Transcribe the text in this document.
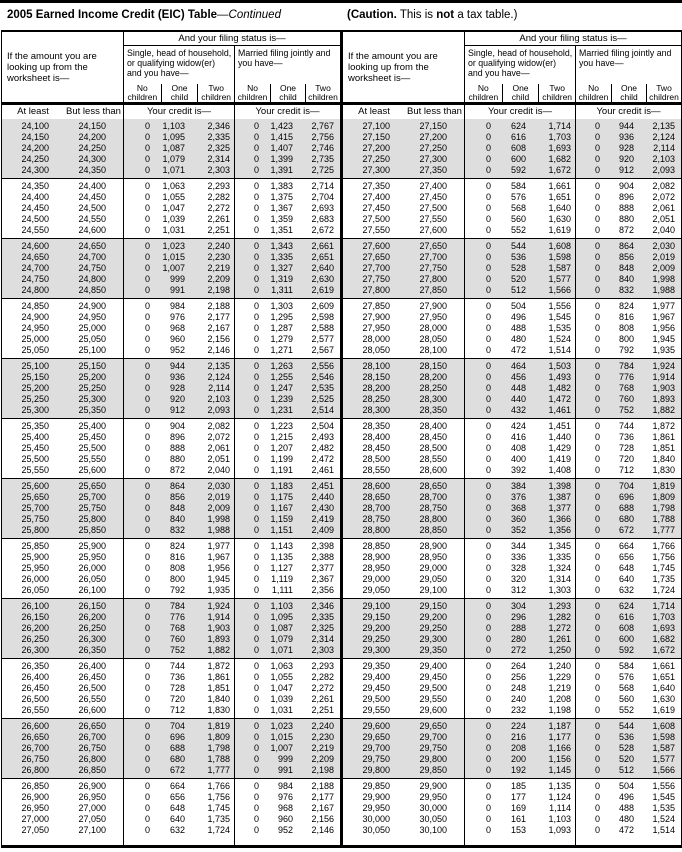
2005 Earned Income Credit (EIC) Table—Continued	(Caution. This is not a tax table.)
If the amount you are looking up from the worksheet is—
And your filing status is—
Single, head of household, or qualifying widow(er) and you have—
No children
One child
Two children
Married filing jointly and you have—
No children
One child
Two children
At least	But less than	Your credit is—	Your credit is—
24,100	24,150	0	1,103	2,346	0	1,423	2,767
24,150	24,200	0	1,095	2,335	0	1,415	2,756
24,200	24,250	0	1,087	2,325	0	1,407	2,746
24,250	24,300	0	1,079	2,314	0	1,399	2,735
24,300	24,350	0	1,071	2,303	0	1,391	2,725
24,350	24,400	0	1,063	2,293	0	1,383	2,714
24,400	24,450	0	1,055	2,282	0	1,375	2,704
24,450	24,500	0	1,047	2,272	0	1,367	2,693
24,500	24,550	0	1,039	2,261	0	1,359	2,683
24,550	24,600	0	1,031	2,251	0	1,351	2,672
24,600	24,650	0	1,023	2,240	0	1,343	2,661
24,650	24,700	0	1,015	2,230	0	1,335	2,651
24,700	24,750	0	1,007	2,219	0	1,327	2,640
24,750	24,800	0	999	2,209	0	1,319	2,630
24,800	24,850	0	991	2,198	0	1,311	2,619
24,850	24,900	0	984	2,188	0	1,303	2,609
24,900	24,950	0	976	2,177	0	1,295	2,598
24,950	25,000	0	968	2,167	0	1,287	2,588
25,000	25,050	0	960	2,156	0	1,279	2,577
25,050	25,100	0	952	2,146	0	1,271	2,567
25,100	25,150	0	944	2,135	0	1,263	2,556
25,150	25,200	0	936	2,124	0	1,255	2,546
25,200	25,250	0	928	2,114	0	1,247	2,535
25,250	25,300	0	920	2,103	0	1,239	2,525
25,300	25,350	0	912	2,093	0	1,231	2,514
25,350	25,400	0	904	2,082	0	1,223	2,504
25,400	25,450	0	896	2,072	0	1,215	2,493
25,450	25,500	0	888	2,061	0	1,207	2,482
25,500	25,550	0	880	2,051	0	1,199	2,472
25,550	25,600	0	872	2,040	0	1,191	2,461
25,600	25,650	0	864	2,030	0	1,183	2,451
25,650	25,700	0	856	2,019	0	1,175	2,440
25,700	25,750	0	848	2,009	0	1,167	2,430
25,750	25,800	0	840	1,998	0	1,159	2,419
25,800	25,850	0	832	1,988	0	1,151	2,409
25,850	25,900	0	824	1,977	0	1,143	2,398
25,900	25,950	0	816	1,967	0	1,135	2,388
25,950	26,000	0	808	1,956	0	1,127	2,377
26,000	26,050	0	800	1,945	0	1,119	2,367
26,050	26,100	0	792	1,935	0	1,111	2,356
26,100	26,150	0	784	1,924	0	1,103	2,346
26,150	26,200	0	776	1,914	0	1,095	2,335
26,200	26,250	0	768	1,903	0	1,087	2,325
26,250	26,300	0	760	1,893	0	1,079	2,314
26,300	26,350	0	752	1,882	0	1,071	2,303
26,350	26,400	0	744	1,872	0	1,063	2,293
26,400	26,450	0	736	1,861	0	1,055	2,282
26,450	26,500	0	728	1,851	0	1,047	2,272
26,500	26,550	0	720	1,840	0	1,039	2,261
26,550	26,600	0	712	1,830	0	1,031	2,251
26,600	26,650	0	704	1,819	0	1,023	2,240
26,650	26,700	0	696	1,809	0	1,015	2,230
26,700	26,750	0	688	1,798	0	1,007	2,219
26,750	26,800	0	680	1,788	0	999	2,209
26,800	26,850	0	672	1,777	0	991	2,198
26,850	26,900	0	664	1,766	0	984	2,188
26,900	26,950	0	656	1,756	0	976	2,177
26,950	27,000	0	648	1,745	0	968	2,167
27,000	27,050	0	640	1,735	0	960	2,156
27,050	27,100	0	632	1,724	0	952	2,146
If the amount you are looking up from the worksheet is—
And your filing status is—
Single, head of household, or qualifying widow(er) and you have—
No children
One child
Two children
Married filing jointly and you have—
No children
One child
Two children
At least	But less than	Your credit is—	Your credit is—
27,100	27,150	0	624	1,714	0	944	2,135
27,150	27,200	0	616	1,703	0	936	2,124
27,200	27,250	0	608	1,693	0	928	2,114
27,250	27,300	0	600	1,682	0	920	2,103
27,300	27,350	0	592	1,672	0	912	2,093
27,350	27,400	0	584	1,661	0	904	2,082
27,400	27,450	0	576	1,651	0	896	2,072
27,450	27,500	0	568	1,640	0	888	2,061
27,500	27,550	0	560	1,630	0	880	2,051
27,550	27,600	0	552	1,619	0	872	2,040
27,600	27,650	0	544	1,608	0	864	2,030
27,650	27,700	0	536	1,598	0	856	2,019
27,700	27,750	0	528	1,587	0	848	2,009
27,750	27,800	0	520	1,577	0	840	1,998
27,800	27,850	0	512	1,566	0	832	1,988
27,850	27,900	0	504	1,556	0	824	1,977
27,900	27,950	0	496	1,545	0	816	1,967
27,950	28,000	0	488	1,535	0	808	1,956
28,000	28,050	0	480	1,524	0	800	1,945
28,050	28,100	0	472	1,514	0	792	1,935
28,100	28,150	0	464	1,503	0	784	1,924
28,150	28,200	0	456	1,493	0	776	1,914
28,200	28,250	0	448	1,482	0	768	1,903
28,250	28,300	0	440	1,472	0	760	1,893
28,300	28,350	0	432	1,461	0	752	1,882
28,350	28,400	0	424	1,451	0	744	1,872
28,400	28,450	0	416	1,440	0	736	1,861
28,450	28,500	0	408	1,429	0	728	1,851
28,500	28,550	0	400	1,419	0	720	1,840
28,550	28,600	0	392	1,408	0	712	1,830
28,600	28,650	0	384	1,398	0	704	1,819
28,650	28,700	0	376	1,387	0	696	1,809
28,700	28,750	0	368	1,377	0	688	1,798
28,750	28,800	0	360	1,366	0	680	1,788
28,800	28,850	0	352	1,356	0	672	1,777
28,850	28,900	0	344	1,345	0	664	1,766
28,900	28,950	0	336	1,335	0	656	1,756
28,950	29,000	0	328	1,324	0	648	1,745
29,000	29,050	0	320	1,314	0	640	1,735
29,050	29,100	0	312	1,303	0	632	1,724
29,100	29,150	0	304	1,293	0	624	1,714
29,150	29,200	0	296	1,282	0	616	1,703
29,200	29,250	0	288	1,272	0	608	1,693
29,250	29,300	0	280	1,261	0	600	1,682
29,300	29,350	0	272	1,250	0	592	1,672
29,350	29,400	0	264	1,240	0	584	1,661
29,400	29,450	0	256	1,229	0	576	1,651
29,450	29,500	0	248	1,219	0	568	1,640
29,500	29,550	0	240	1,208	0	560	1,630
29,550	29,600	0	232	1,198	0	552	1,619
29,600	29,650	0	224	1,187	0	544	1,608
29,650	29,700	0	216	1,177	0	536	1,598
29,700	29,750	0	208	1,166	0	528	1,587
29,750	29,800	0	200	1,156	0	520	1,577
29,800	29,850	0	192	1,145	0	512	1,566
29,850	29,900	0	185	1,135	0	504	1,556
29,900	29,950	0	177	1,124	0	496	1,545
29,950	30,000	0	169	1,114	0	488	1,535
30,000	30,050	0	161	1,103	0	480	1,524
30,050	30,100	0	153	1,093	0	472	1,514
